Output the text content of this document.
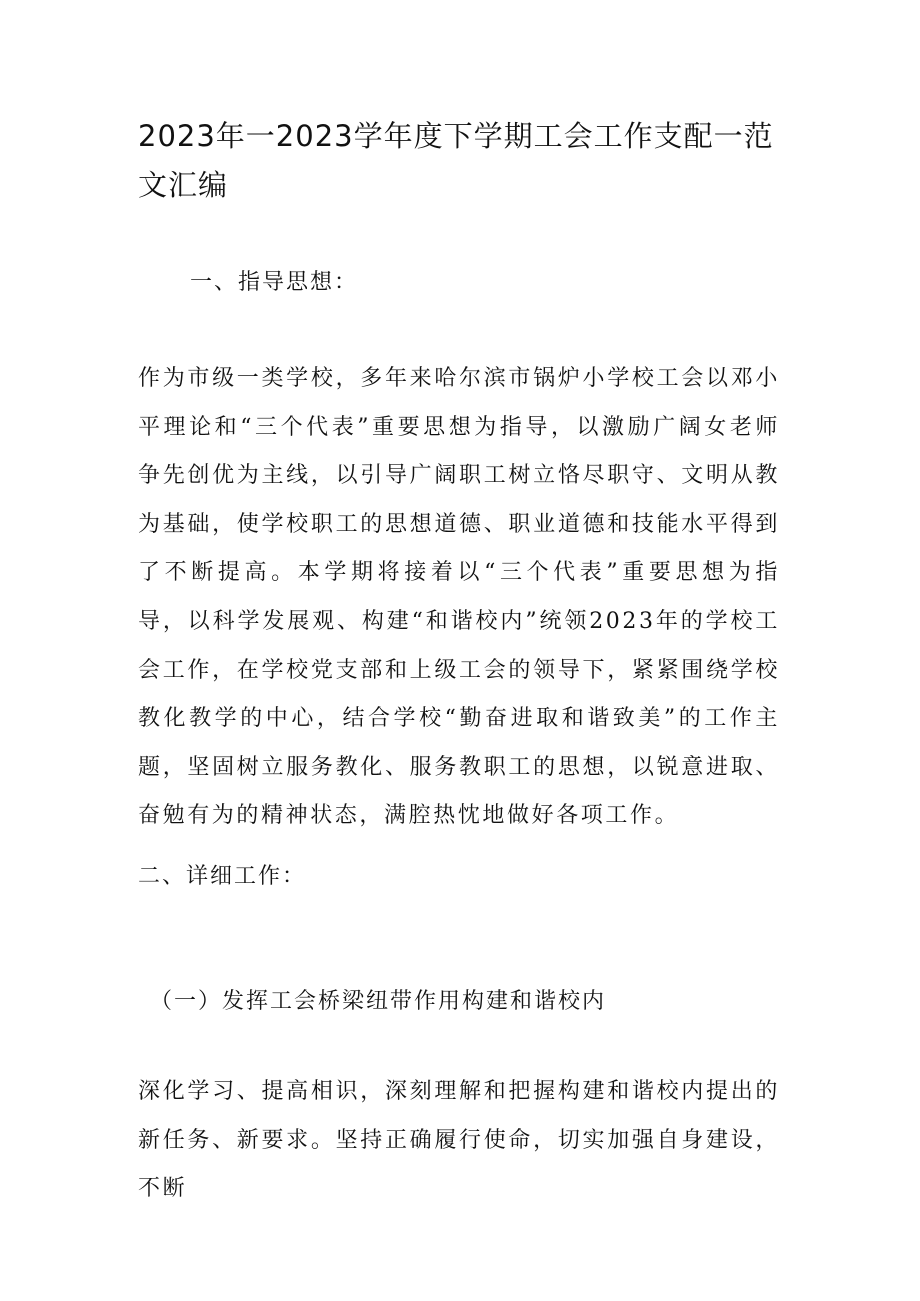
2023年一2023学年度下学期工会工作支配一范文汇编

一、指导思想：

作为市级一类学校，多年来哈尔滨市锅炉小学校工会以邓小平理论和“三个代表”重要思想为指导，以激励广阔女老师争先创优为主线，以引导广阔职工树立恪尽职守、文明从教为基础，使学校职工的思想道德、职业道德和技能水平得到了不断提高。本学期将接着以“三个代表”重要思想为指导，以科学发展观、构建“和谐校内”统领2023年的学校工会工作，在学校党支部和上级工会的领导下，紧紧围绕学校教化教学的中心，结合学校“勤奋进取和谐致美”的工作主题，坚固树立服务教化、服务教职工的思想，以锐意进取、奋勉有为的精神状态，满腔热忱地做好各项工作。

二、详细工作：

（一）发挥工会桥梁纽带作用构建和谐校内

深化学习、提高相识，深刻理解和把握构建和谐校内提出的新任务、新要求。坚持正确履行使命，切实加强自身建设，不断
